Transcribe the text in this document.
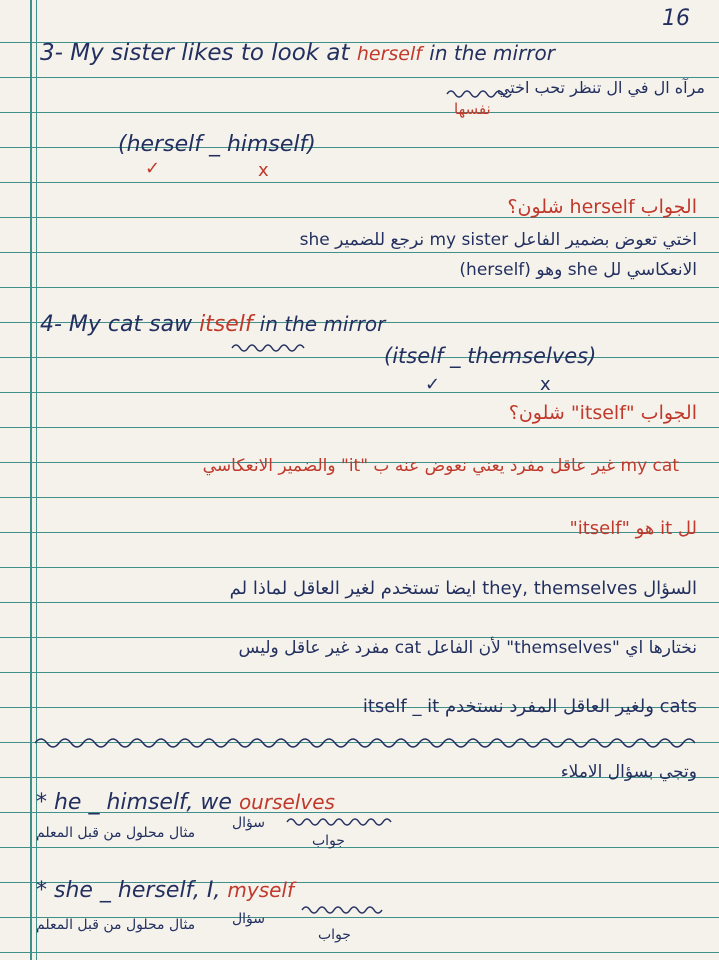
16
3- My sister likes to look at herself in the mirror
مرآه ال في ال تنظر تحب اختي
نفسها
(herself _ himself)
✓	x
الجواب herself شلون؟
اختي تعوض بضمير الفاعل my sister نرجع للضمير she
الانعكاسي لل she وهو (herself)
4- My cat saw itself in the mirror
(itself _ themselves)
✓	x
الجواب "itself" شلون؟
my cat غير عاقل مفرد يعني نعوض عنه ب "it" والضمير الانعكاسي
لل it هو "itself"
السؤال they, themselves ايضا تستخدم لغير العاقل لماذا لم
نختارها اي "themselves" لأن الفاعل cat مفرد غير عاقل وليس
cats ولغير العاقل المفرد نستخدم itself _ it
وتجي بسؤال الاملاء
* he _ himself, we ourselves
مثال محلول من قبل المعلم
سؤال
جواب
* she _ herself, I, myself
مثال محلول من قبل المعلم	سؤال
جواب
